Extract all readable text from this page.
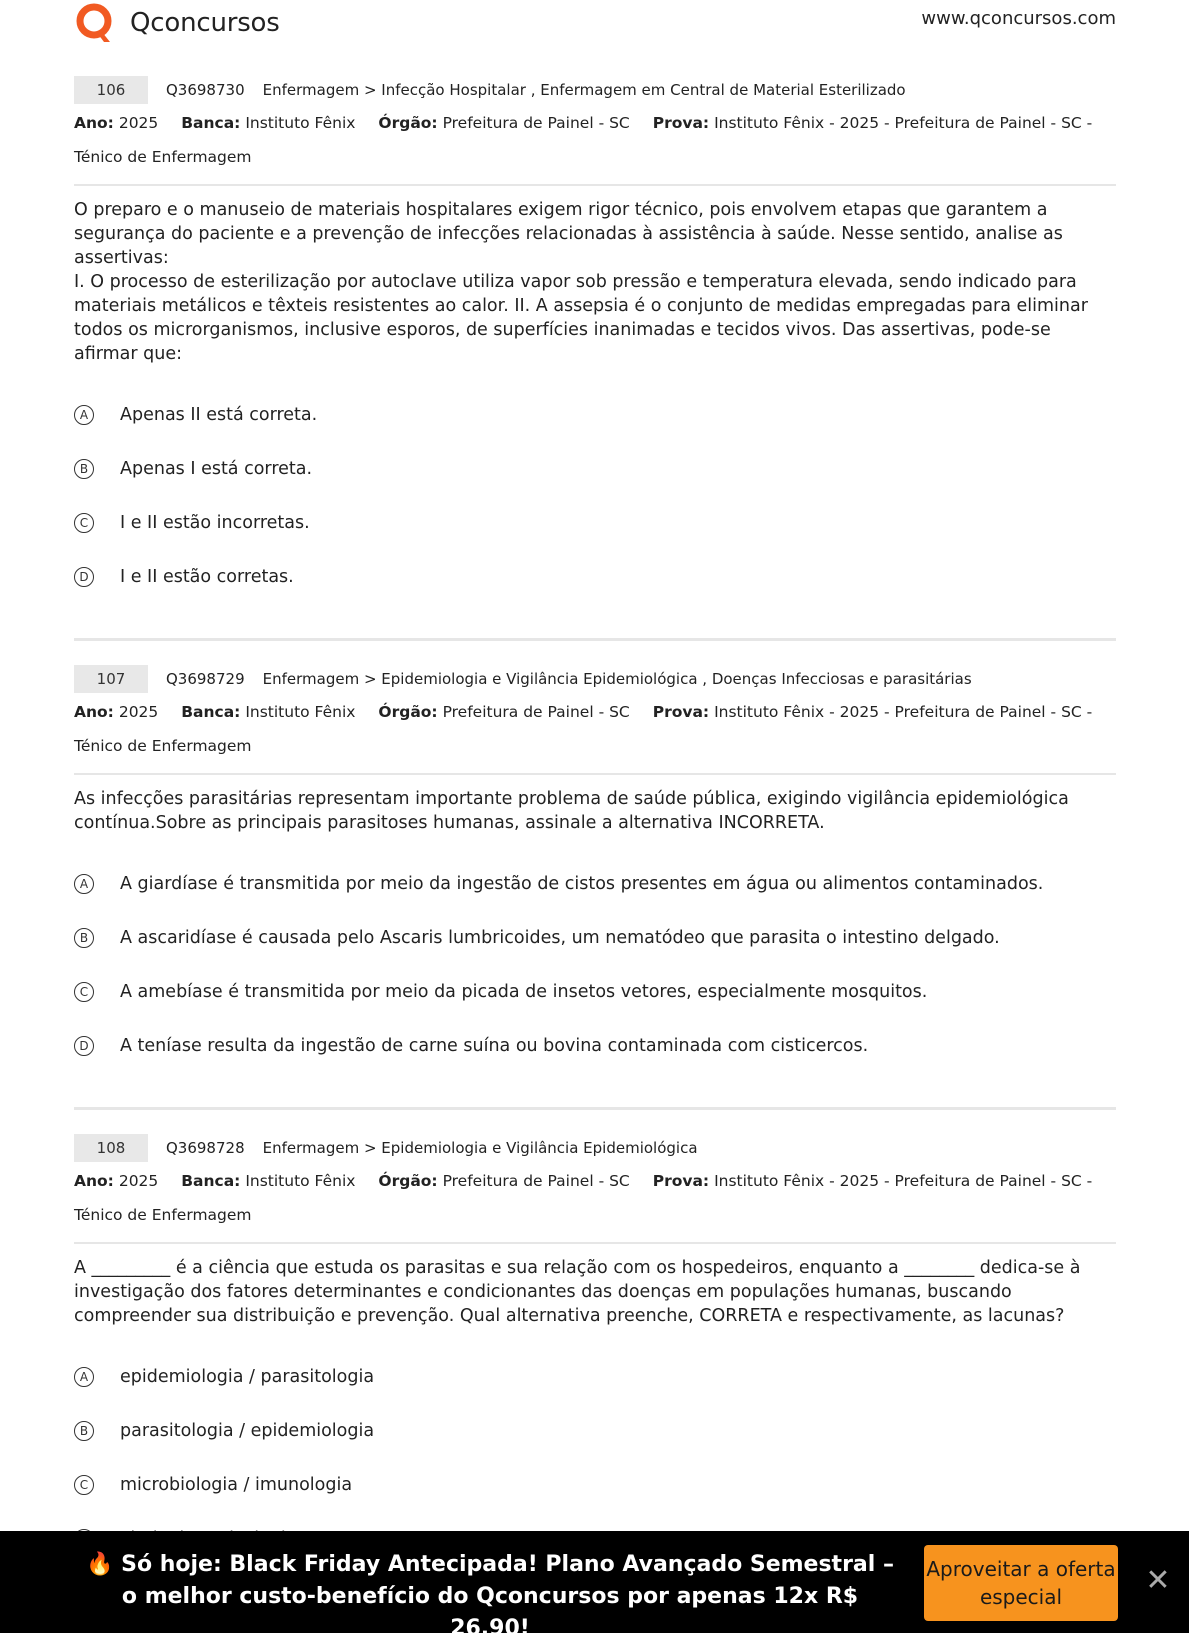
Qconcursos	www.qconcursos.com
106	Q3698730 Enfermagem > Infecção Hospitalar , Enfermagem em Central de Material Esterilizado
Ano: 2025 Banca: Instituto Fênix Órgão: Prefeitura de Painel - SC Prova: Instituto Fênix - 2025 - Prefeitura de Painel - SC - Ténico de Enfermagem
O preparo e o manuseio de materiais hospitalares exigem rigor técnico, pois envolvem etapas que garantem a segurança do paciente e a prevenção de infecções relacionadas à assistência à saúde. Nesse sentido, analise as assertivas:
I. O processo de esterilização por autoclave utiliza vapor sob pressão e temperatura elevada, sendo indicado para materiais metálicos e têxteis resistentes ao calor. II. A assepsia é o conjunto de medidas empregadas para eliminar todos os microrganismos, inclusive esporos, de superfícies inanimadas e tecidos vivos. Das assertivas, pode-se afirmar que:
A	Apenas II está correta.
B	Apenas I está correta.
C	I e II estão incorretas.
D	I e II estão corretas.
107	Q3698729 Enfermagem > Epidemiologia e Vigilância Epidemiológica , Doenças Infecciosas e parasitárias
Ano: 2025 Banca: Instituto Fênix Órgão: Prefeitura de Painel - SC Prova: Instituto Fênix - 2025 - Prefeitura de Painel - SC - Ténico de Enfermagem
As infecções parasitárias representam importante problema de saúde pública, exigindo vigilância epidemiológica contínua.Sobre as principais parasitoses humanas, assinale a alternativa INCORRETA.
A	A giardíase é transmitida por meio da ingestão de cistos presentes em água ou alimentos contaminados.
B	A ascaridíase é causada pelo Ascaris lumbricoides, um nematódeo que parasita o intestino delgado.
C	A amebíase é transmitida por meio da picada de insetos vetores, especialmente mosquitos.
D	A teníase resulta da ingestão de carne suína ou bovina contaminada com cisticercos.
108	Q3698728 Enfermagem > Epidemiologia e Vigilância Epidemiológica
Ano: 2025 Banca: Instituto Fênix Órgão: Prefeitura de Painel - SC Prova: Instituto Fênix - 2025 - Prefeitura de Painel - SC - Ténico de Enfermagem
A _________ é a ciência que estuda os parasitas e sua relação com os hospedeiros, enquanto a ________ dedica-se à investigação dos fatores determinantes e condicionantes das doenças em populações humanas, buscando compreender sua distribuição e prevenção. Qual alternativa preenche, CORRETA e respectivamente, as lacunas?
A	epidemiologia / parasitologia
B	parasitologia / epidemiologia
C	microbiologia / imunologia
🔥 Só hoje: Black Friday Antecipada! Plano Avançado Semestral – o melhor custo-benefício do Qconcursos por apenas 12x R$ 26,90!
Aproveitar a oferta especial	✕
